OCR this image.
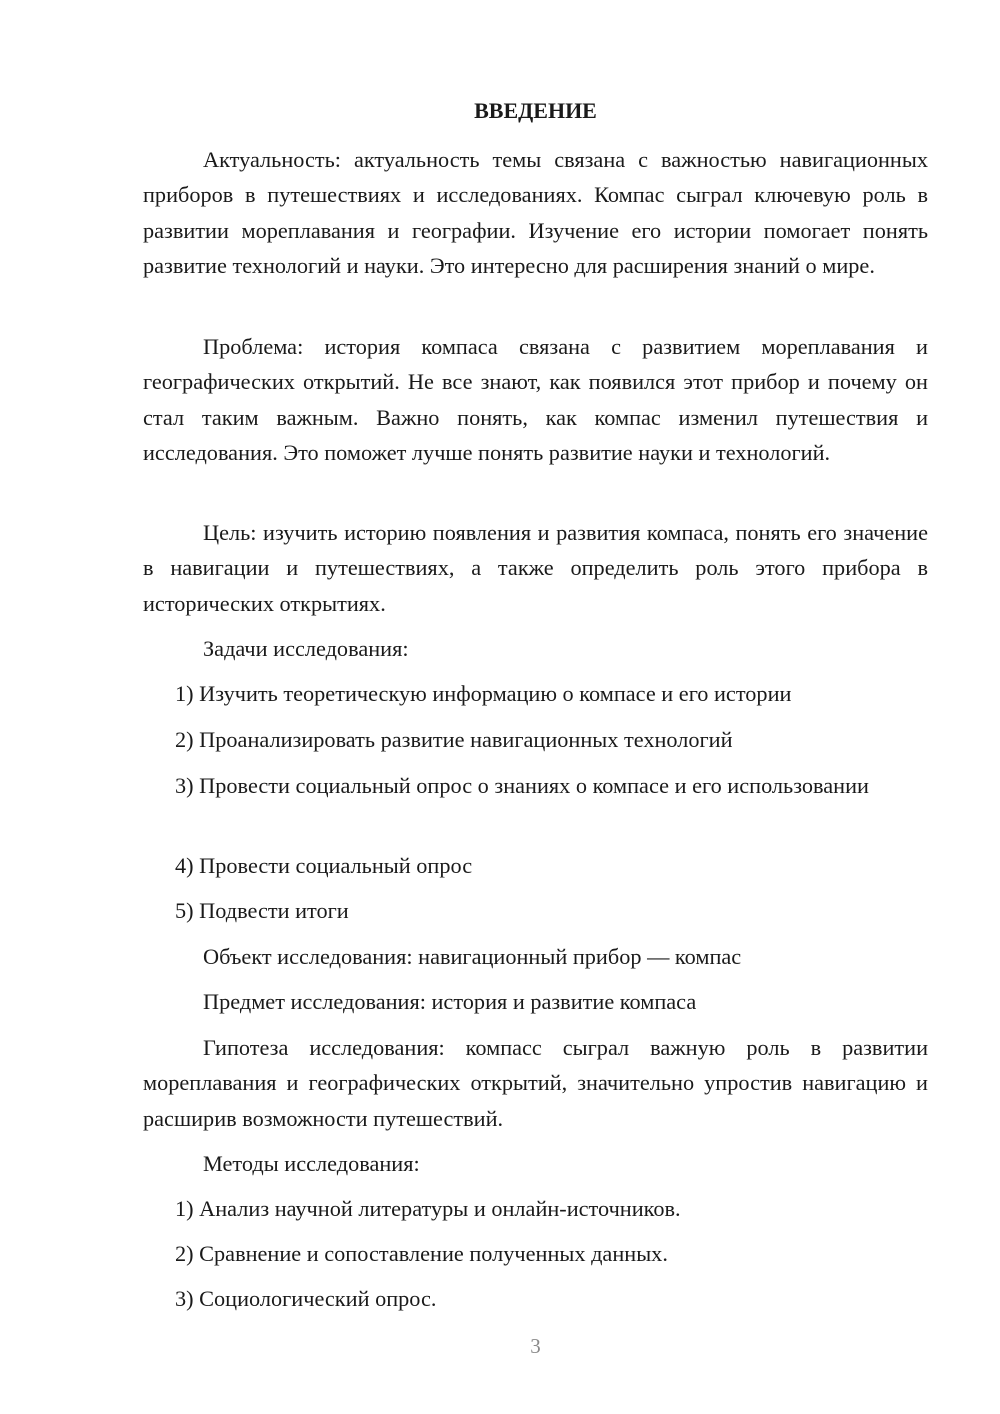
ВВЕДЕНИЕ

Актуальность: актуальность темы связана с важностью навигационных приборов в путешествиях и исследованиях. Компас сыграл ключевую роль в развитии мореплавания и географии. Изучение его истории помогает понять развитие технологий и науки. Это интересно для расширения знаний о мире.

Проблема: история компаса связана с развитием мореплавания и географических открытий. Не все знают, как появился этот прибор и почему он стал таким важным. Важно понять, как компас изменил путешествия и исследования. Это поможет лучше понять развитие науки и технологий.

Цель: изучить историю появления и развития компаса, понять его значение в навигации и путешествиях, а также определить роль этого прибора в исторических открытиях.

Задачи исследования:

1) Изучить теоретическую информацию о компасе и его истории

2) Проанализировать развитие навигационных технологий

3) Провести социальный опрос о знаниях о компасе и его использовании

4) Провести социальный опрос

5) Подвести итоги

Объект исследования: навигационный прибор — компас

Предмет исследования: история и развитие компаса

Гипотеза исследования: компасс сыграл важную роль в развитии мореплавания и географических открытий, значительно упростив навигацию и расширив возможности путешествий.

Методы исследования:

1) Анализ научной литературы и онлайн-источников.

2) Сравнение и сопоставление полученных данных.

3) Социологический опрос.

3
